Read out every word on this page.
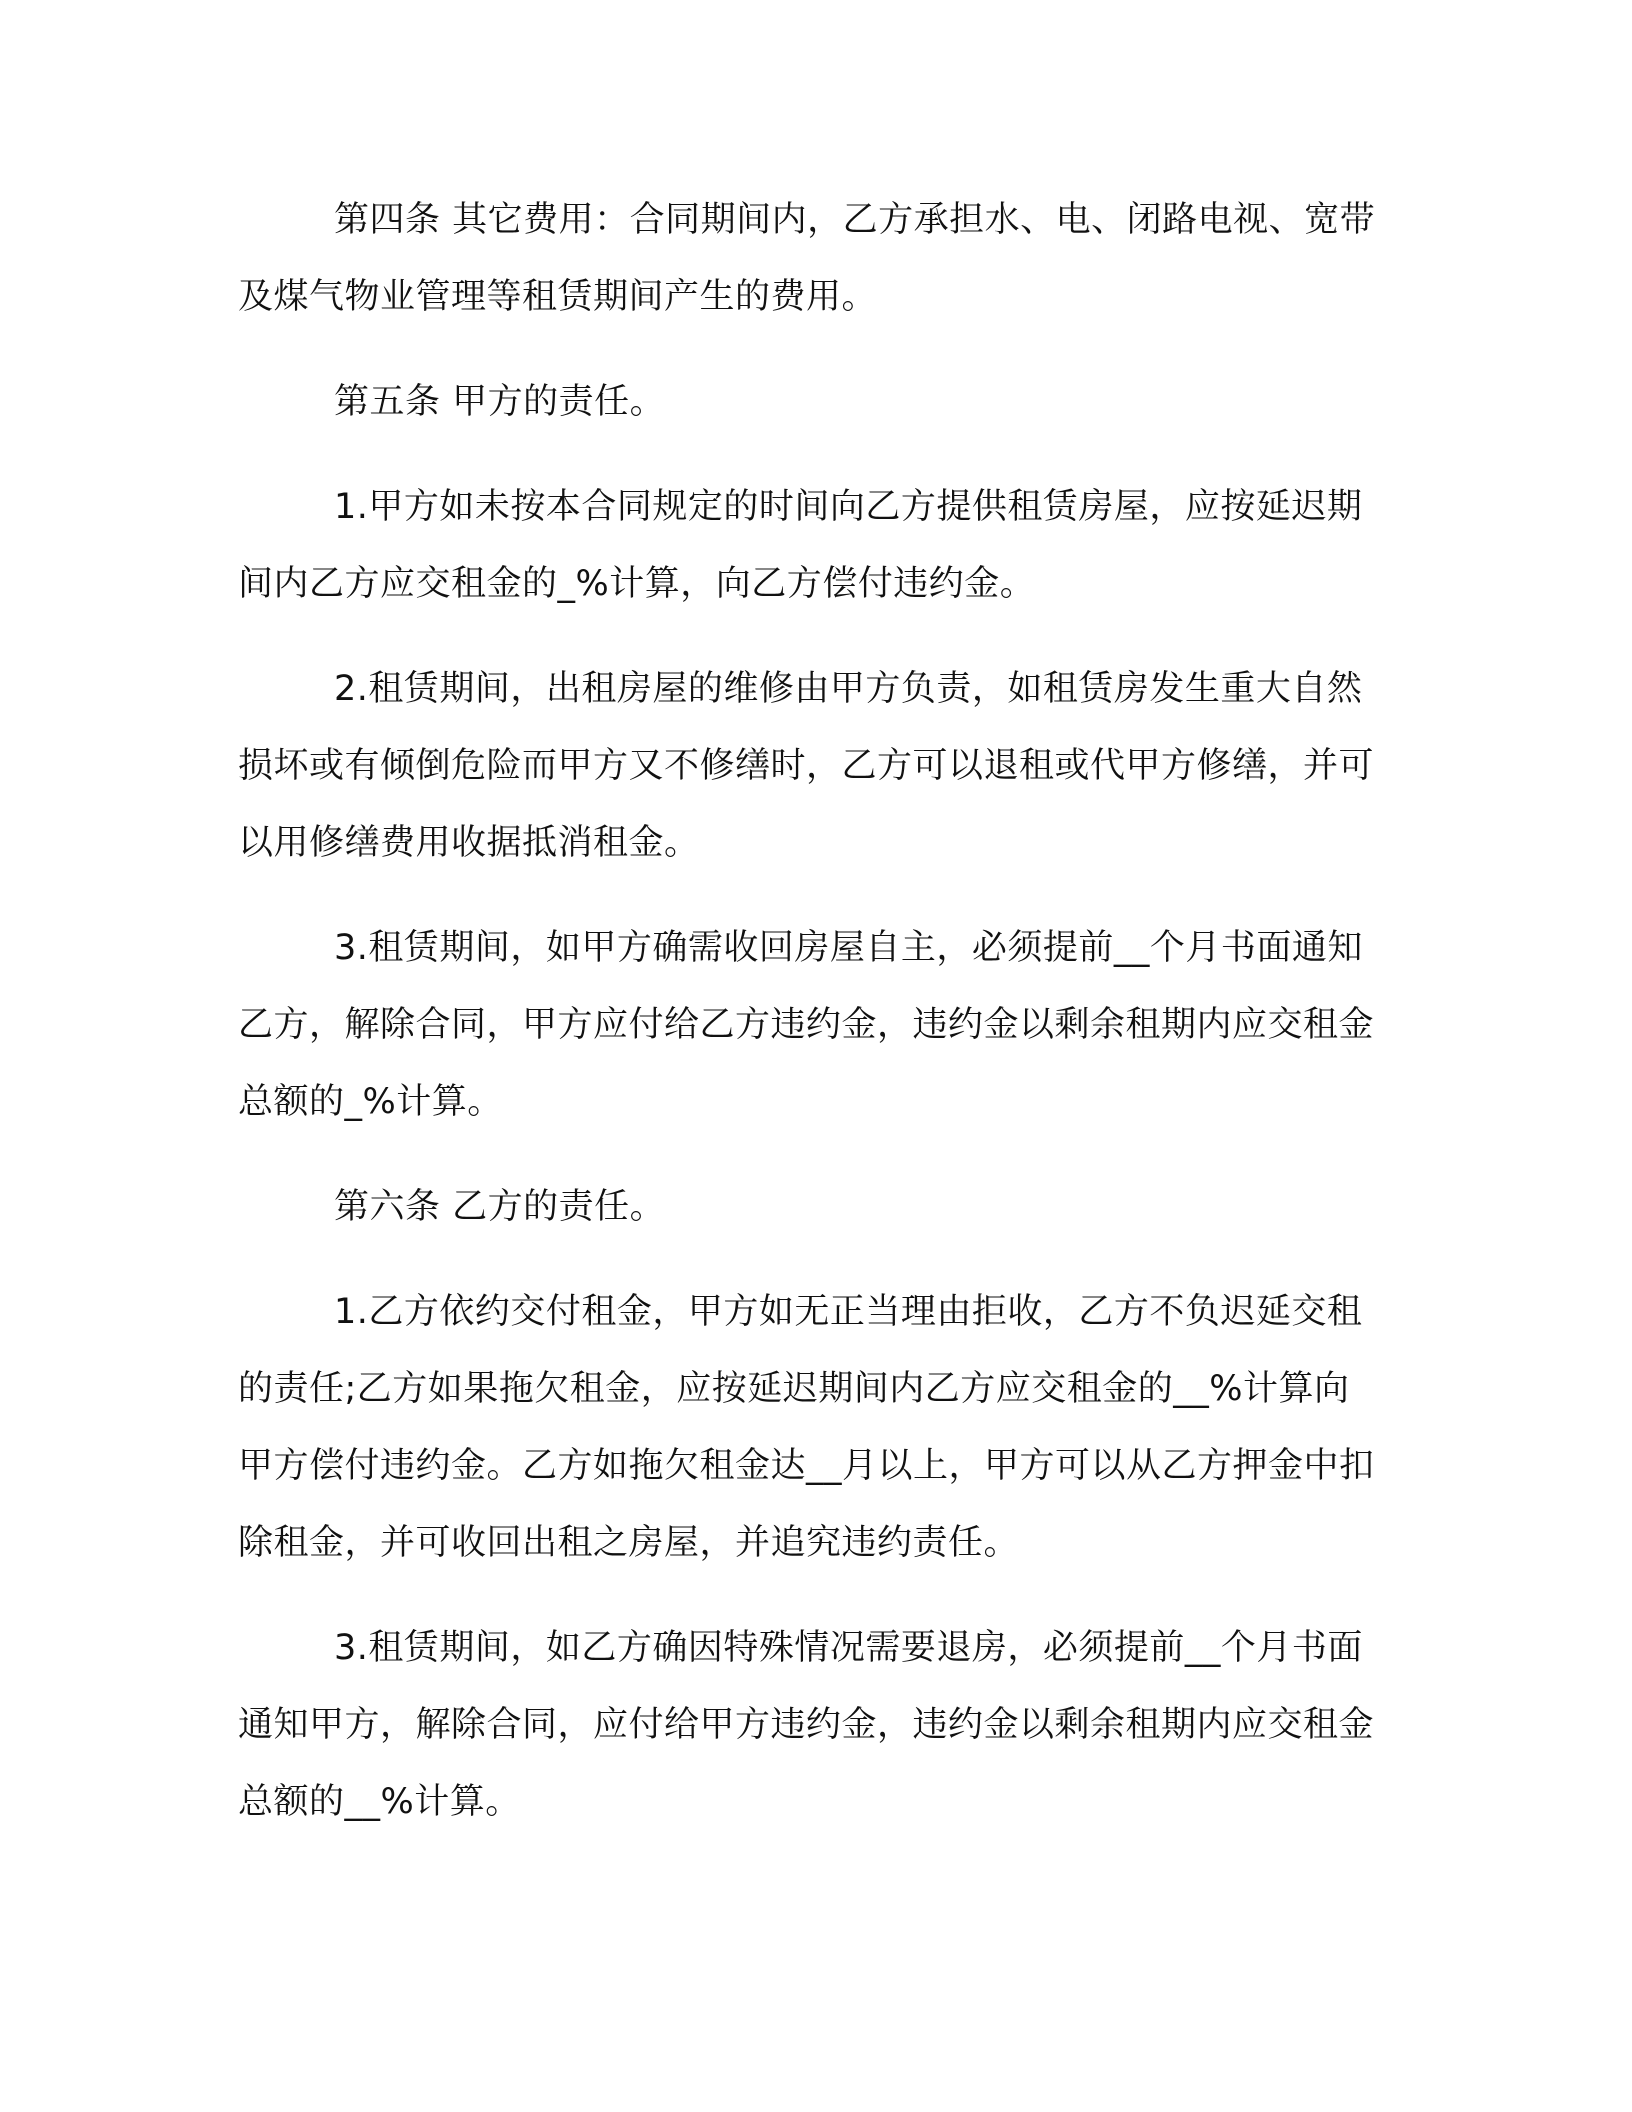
第四条 其它费用：合同期间内，乙方承担水、电、闭路电视、宽带及煤气物业管理等租赁期间产生的费用。

第五条 甲方的责任。

1.甲方如未按本合同规定的时间向乙方提供租赁房屋，应按延迟期间内乙方应交租金的_%计算，向乙方偿付违约金。

2.租赁期间，出租房屋的维修由甲方负责，如租赁房发生重大自然损坏或有倾倒危险而甲方又不修缮时，乙方可以退租或代甲方修缮，并可以用修缮费用收据抵消租金。

3.租赁期间，如甲方确需收回房屋自主，必须提前__个月书面通知乙方，解除合同，甲方应付给乙方违约金，违约金以剩余租期内应交租金总额的_%计算。

第六条 乙方的责任。

1.乙方依约交付租金，甲方如无正当理由拒收，乙方不负迟延交租的责任;乙方如果拖欠租金，应按延迟期间内乙方应交租金的__%计算向甲方偿付违约金。乙方如拖欠租金达__月以上，甲方可以从乙方押金中扣除租金，并可收回出租之房屋，并追究违约责任。

3.租赁期间，如乙方确因特殊情况需要退房，必须提前__个月书面通知甲方，解除合同，应付给甲方违约金，违约金以剩余租期内应交租金总额的__%计算。
